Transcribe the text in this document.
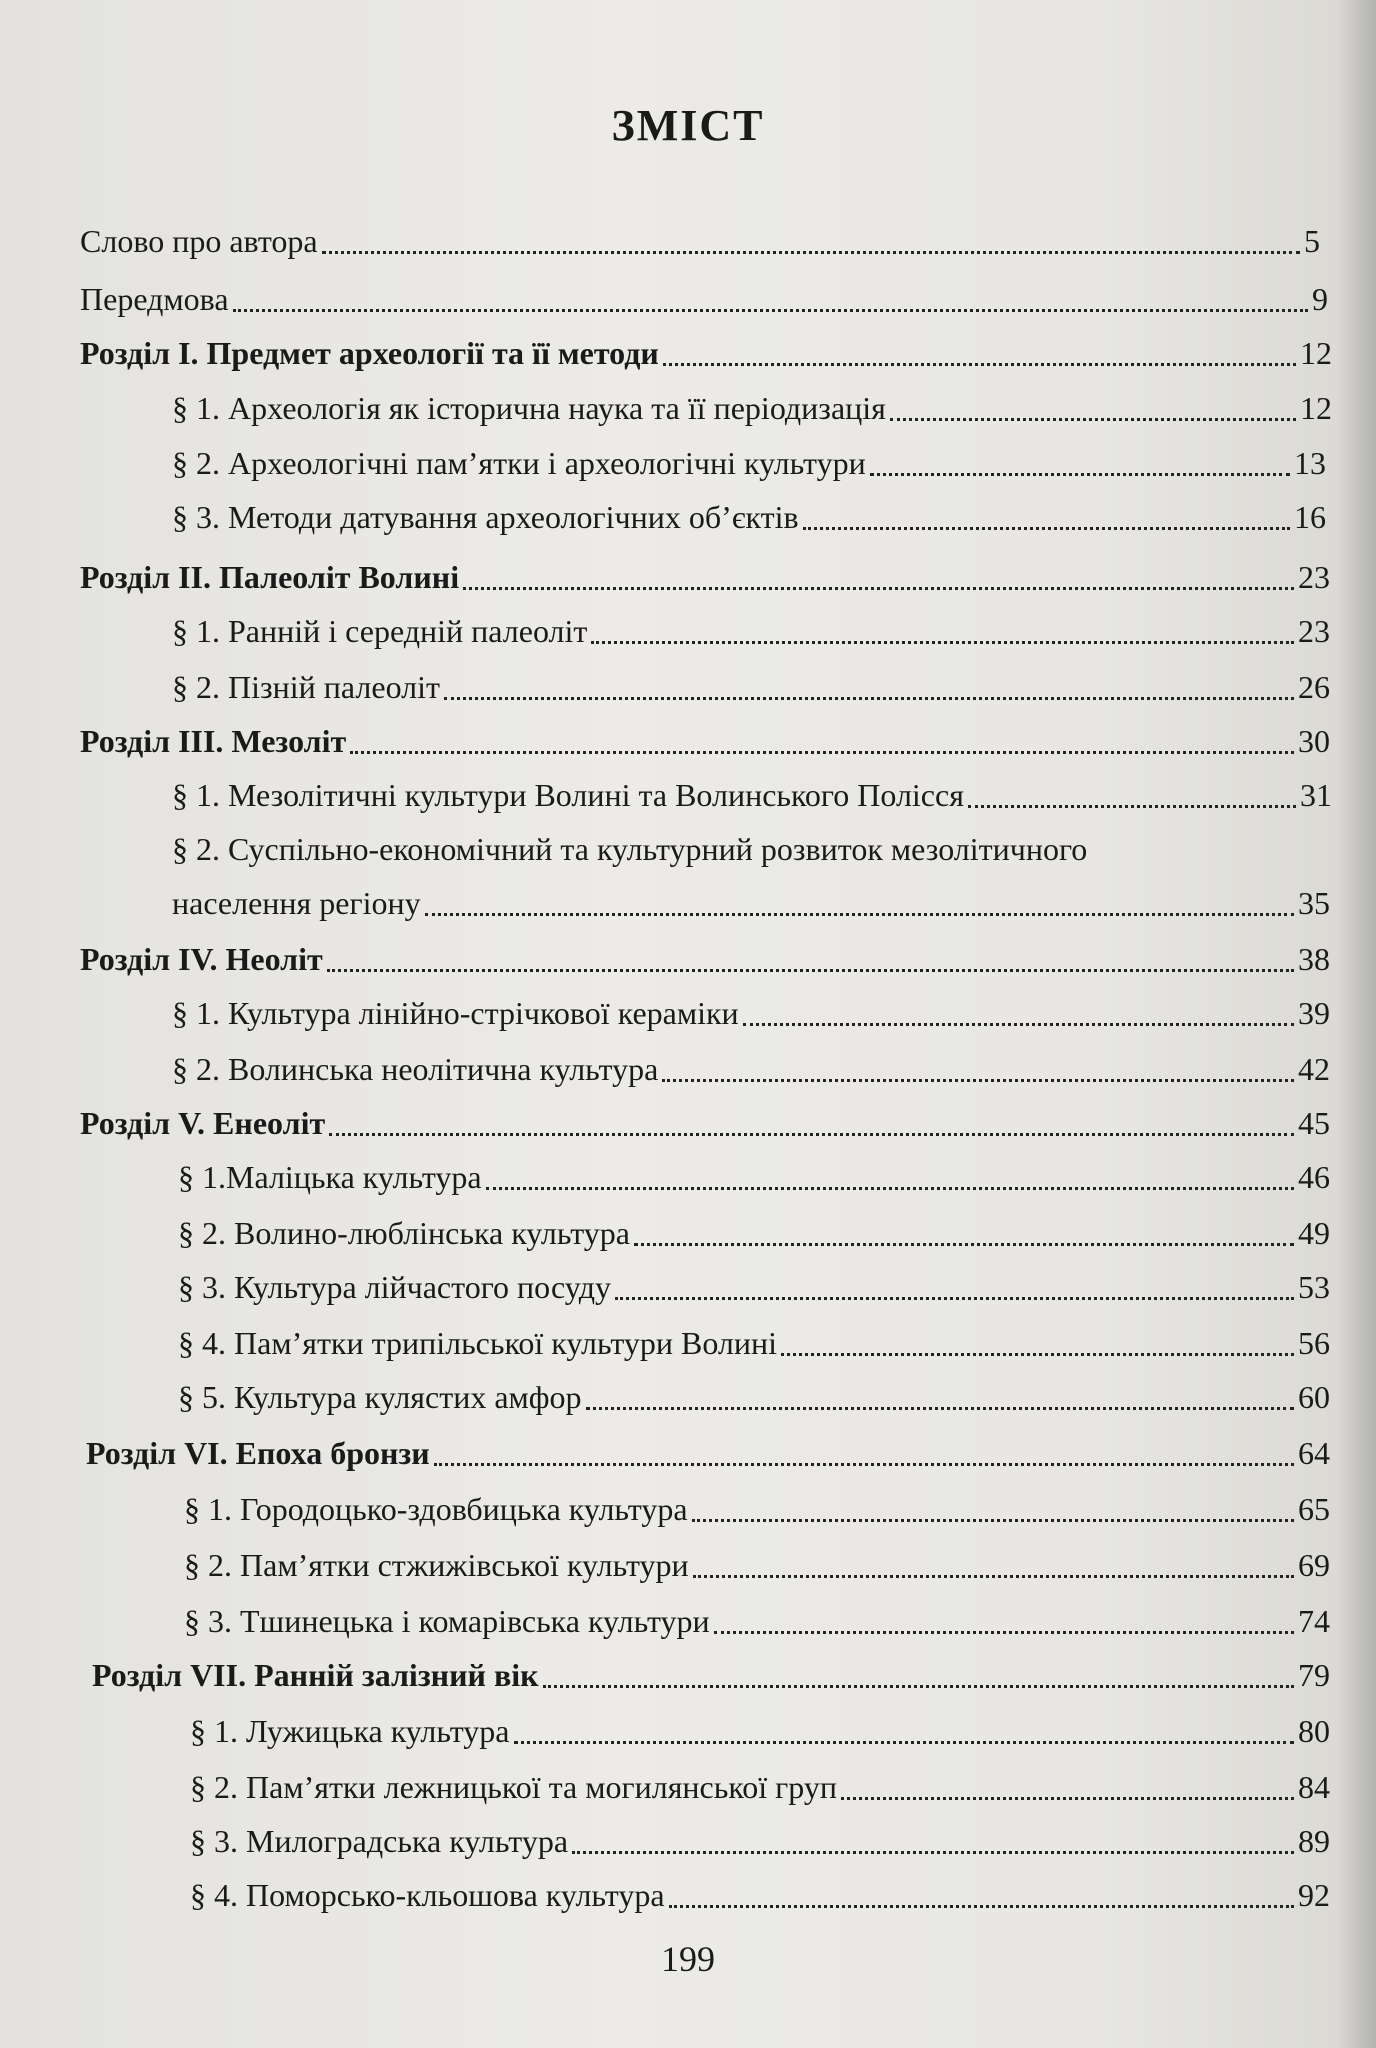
ЗМІСТ
Слово про автора	5
Передмова	9
Розділ І. Предмет археології та її методи	12
§ 1. Археологія як історична наука та її періодизація	12
§ 2. Археологічні пам’ятки і археологічні культури	13
§ 3. Методи датування археологічних об’єктів	16
Розділ ІІ. Палеоліт Волині	23
§ 1. Ранній і середній палеоліт	23
§ 2. Пізній палеоліт	26
Розділ ІІІ. Мезоліт	30
§ 1. Мезолітичні культури Волині та Волинського Полісся	31
§ 2. Суспільно-економічний та культурний розвиток мезолітичного
населення регіону	35
Розділ IV. Неоліт	38
§ 1. Культура лінійно-стрічкової кераміки	39
§ 2. Волинська неолітична культура	42
Розділ V. Енеоліт	45
§ 1.Маліцька культура	46
§ 2. Волино-люблінська культура	49
§ 3. Культура лійчастого посуду	53
§ 4. Пам’ятки трипільської культури Волині	56
§ 5. Культура кулястих амфор	60
Розділ VI. Епоха бронзи	64
§ 1. Городоцько-здовбицька культура	65
§ 2. Пам’ятки стжижівської культури	69
§ 3. Тшинецька і комарівська культури	74
Розділ VII. Ранній залізний вік	79
§ 1. Лужицька культура	80
§ 2. Пам’ятки лежницької та могилянської груп	84
§ 3. Милоградська культура	89
§ 4. Поморсько-кльошова культура	92
199
